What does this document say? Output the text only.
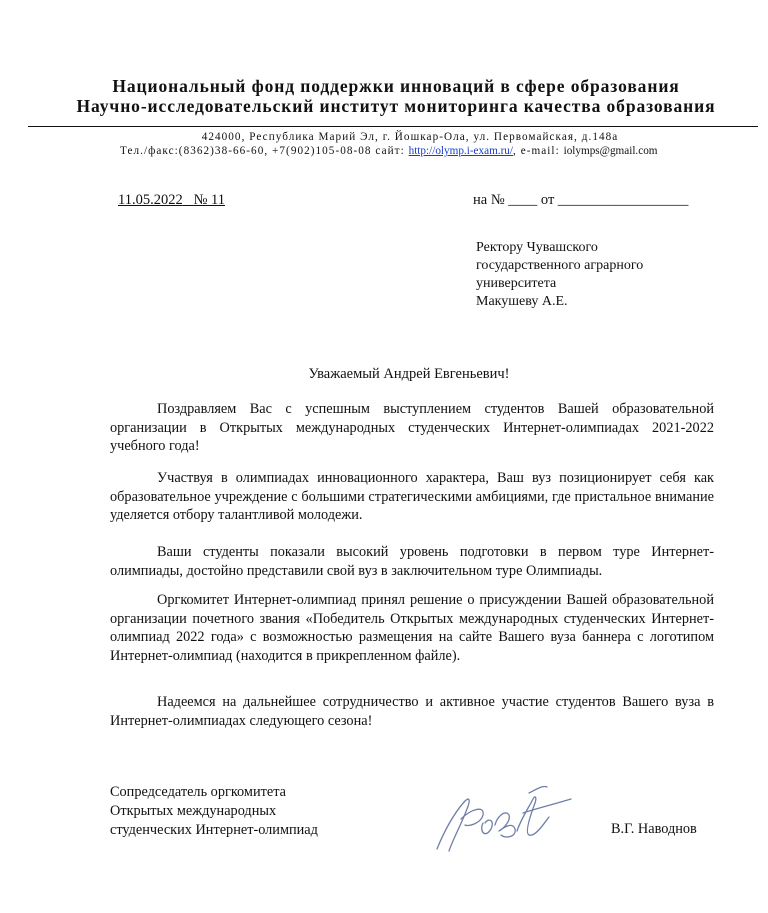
Национальный фонд поддержки инноваций в сфере образования
Научно-исследовательский институт мониторинга качества образования
424000, Республика Марий Эл, г. Йошкар-Ола, ул. Первомайская, д.148а
Тел./факс:(8362)38-66-60, +7(902)105-08-08 сайт: http://olymp.i-exam.ru/, e-mail: iolymps@gmail.com
11.05.2022 № 11	на № ____ от __________________
Ректору Чувашского
государственного аграрного
университета
Макушеву А.Е.
Уважаемый Андрей Евгеньевич!

Поздравляем Вас с успешным выступлением студентов Вашей образовательной организации в Открытых международных студенческих Интернет-олимпиадах 2021-2022 учебного года!

Участвуя в олимпиадах инновационного характера, Ваш вуз позиционирует себя как образовательное учреждение с большими стратегическими амбициями, где пристальное внимание уделяется отбору талантливой молодежи.

Ваши студенты показали высокий уровень подготовки в первом туре Интернет-олимпиады, достойно представили свой вуз в заключительном туре Олимпиады.

Оргкомитет Интернет-олимпиад принял решение о присуждении Вашей образовательной организации почетного звания «Победитель Открытых международных студенческих Интернет-олимпиад 2022 года» с возможностью размещения на сайте Вашего вуза баннера с логотипом Интернет-олимпиад (находится в прикрепленном файле).

Надеемся на дальнейшее сотрудничество и активное участие студентов Вашего вуза в Интернет-олимпиадах следующего сезона!

Сопредседатель оргкомитета
Открытых международных
студенческих Интернет-олимпиад	В.Г. Наводнов
